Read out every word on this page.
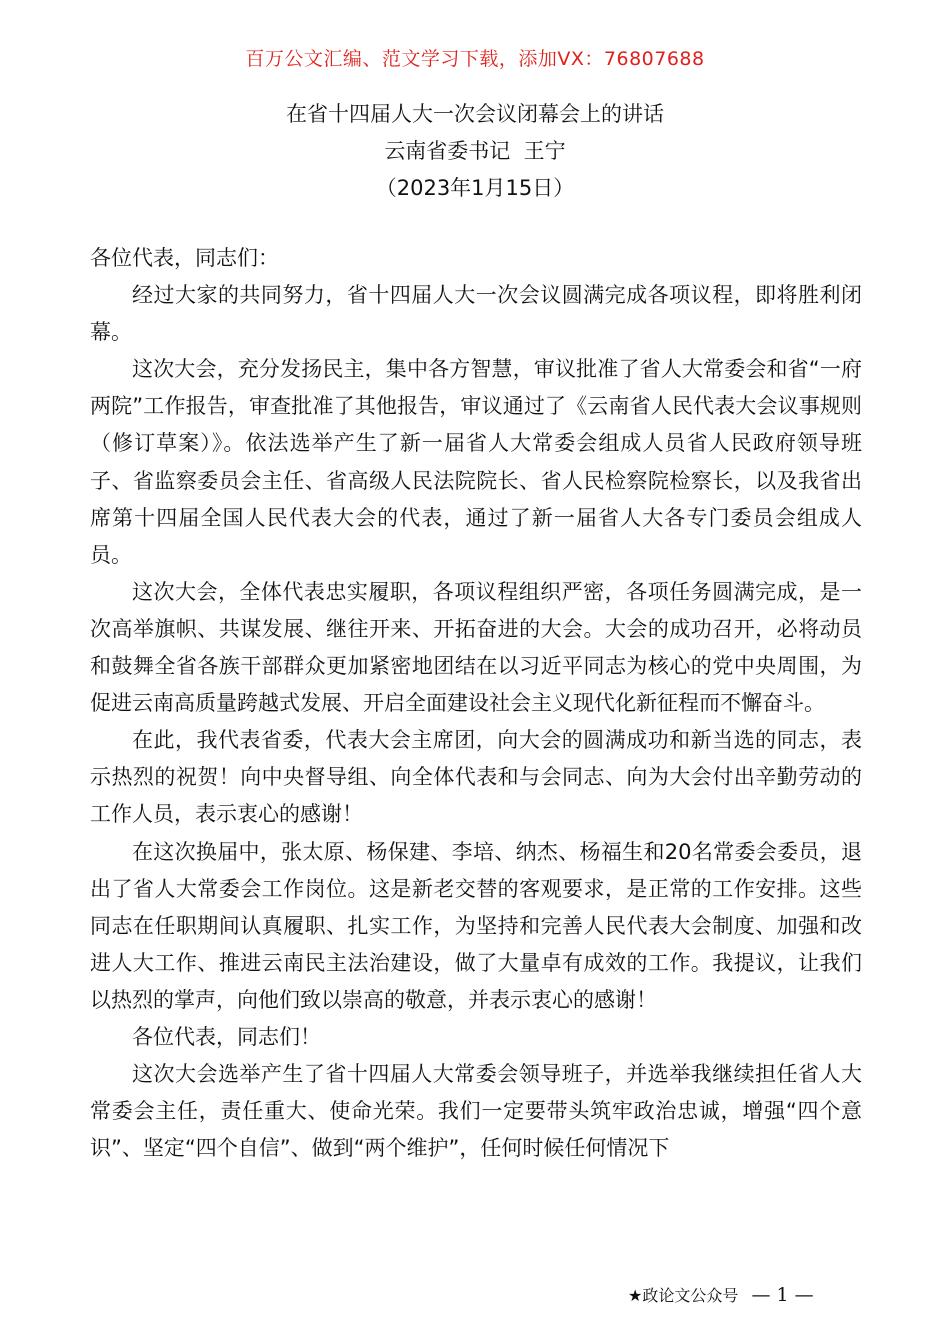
百万公文汇编、范文学习下载，添加VX：76807688
在省十四届人大一次会议闭幕会上的讲话
云南省委书记  王宁
（2023年1月15日）

各位代表，同志们：

经过大家的共同努力，省十四届人大一次会议圆满完成各项议程，即将胜利闭幕。

这次大会，充分发扬民主，集中各方智慧，审议批准了省人大常委会和省“一府两院”工作报告，审查批准了其他报告，审议通过了《云南省人民代表大会议事规则（修订草案）》。依法选举产生了新一届省人大常委会组成人员省人民政府领导班子、省监察委员会主任、省高级人民法院院长、省人民检察院检察长，以及我省出席第十四届全国人民代表大会的代表，通过了新一届省人大各专门委员会组成人员。

这次大会，全体代表忠实履职，各项议程组织严密，各项任务圆满完成，是一次高举旗帜、共谋发展、继往开来、开拓奋进的大会。大会的成功召开，必将动员和鼓舞全省各族干部群众更加紧密地团结在以习近平同志为核心的党中央周围，为促进云南高质量跨越式发展、开启全面建设社会主义现代化新征程而不懈奋斗。

在此，我代表省委，代表大会主席团，向大会的圆满成功和新当选的同志，表示热烈的祝贺！向中央督导组、向全体代表和与会同志、向为大会付出辛勤劳动的工作人员，表示衷心的感谢！

在这次换届中，张太原、杨保建、李培、纳杰、杨福生和20名常委会委员，退出了省人大常委会工作岗位。这是新老交替的客观要求，是正常的工作安排。这些同志在任职期间认真履职、扎实工作，为坚持和完善人民代表大会制度、加强和改进人大工作、推进云南民主法治建设，做了大量卓有成效的工作。我提议，让我们以热烈的掌声，向他们致以崇高的敬意，并表示衷心的感谢！

各位代表，同志们！

这次大会选举产生了省十四届人大常委会领导班子，并选举我继续担任省人大常委会主任，责任重大、使命光荣。我们一定要带头筑牢政治忠诚，增强“四个意识”、坚定“四个自信”、做到“两个维护”，任何时候任何情况下

★政论文公众号 — 1 —
